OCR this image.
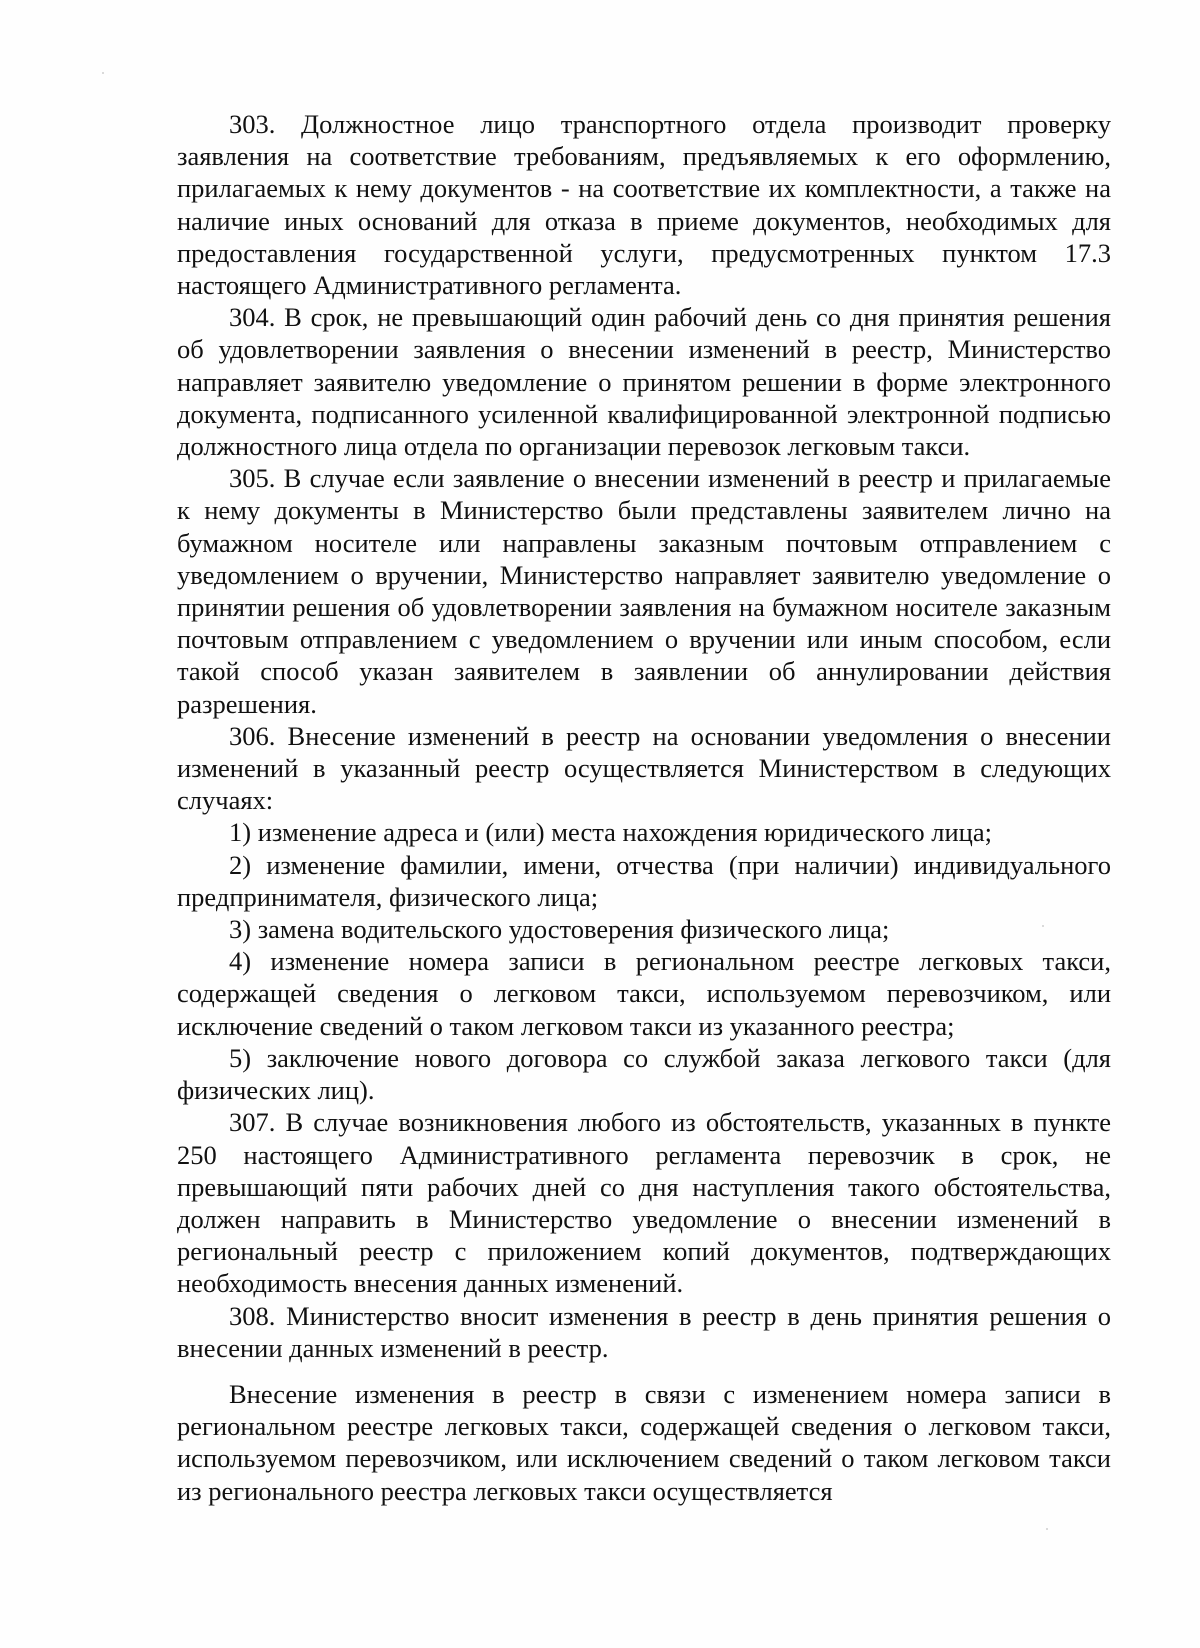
303. Должностное лицо транспортного отдела производит проверку заявления на соответствие требованиям, предъявляемых к его оформлению, прилагаемых к нему документов - на соответствие их комплектности, а также на наличие иных оснований для отказа в приеме документов, необходимых для предоставления государственной услуги, предусмотренных пунктом 17.3 настоящего Административного регламента.

304. В срок, не превышающий один рабочий день со дня принятия решения об удовлетворении заявления о внесении изменений в реестр, Министерство направляет заявителю уведомление о принятом решении в форме электронного документа, подписанного усиленной квалифицированной электронной подписью должностного лица отдела по организации перевозок легковым такси.

305. В случае если заявление о внесении изменений в реестр и прилагаемые к нему документы в Министерство были представлены заявителем лично на бумажном носителе или направлены заказным почтовым отправлением с уведомлением о вручении, Министерство направляет заявителю уведомление о принятии решения об удовлетворении заявления на бумажном носителе заказным почтовым отправлением с уведомлением о вручении или иным способом, если такой способ указан заявителем в заявлении об аннулировании действия разрешения.

306. Внесение изменений в реестр на основании уведомления о внесении изменений в указанный реестр осуществляется Министерством в следующих случаях:

1) изменение адреса и (или) места нахождения юридического лица;

2) изменение фамилии, имени, отчества (при наличии) индивидуального предпринимателя, физического лица;

3) замена водительского удостоверения физического лица;

4) изменение номера записи в региональном реестре легковых такси, содержащей сведения о легковом такси, используемом перевозчиком, или исключение сведений о таком легковом такси из указанного реестра;

5) заключение нового договора со службой заказа легкового такси (для физических лиц).

307. В случае возникновения любого из обстоятельств, указанных в пункте 250 настоящего Административного регламента перевозчик в срок, не превышающий пяти рабочих дней со дня наступления такого обстоятельства, должен направить в Министерство уведомление о внесении изменений в региональный реестр с приложением копий документов, подтверждающих необходимость внесения данных изменений.

308. Министерство вносит изменения в реестр в день принятия решения о внесении данных изменений в реестр.

Внесение изменения в реестр в связи с изменением номера записи в региональном реестре легковых такси, содержащей сведения о легковом такси, используемом перевозчиком, или исключением сведений о таком легковом такси из регионального реестра легковых такси осуществляется
